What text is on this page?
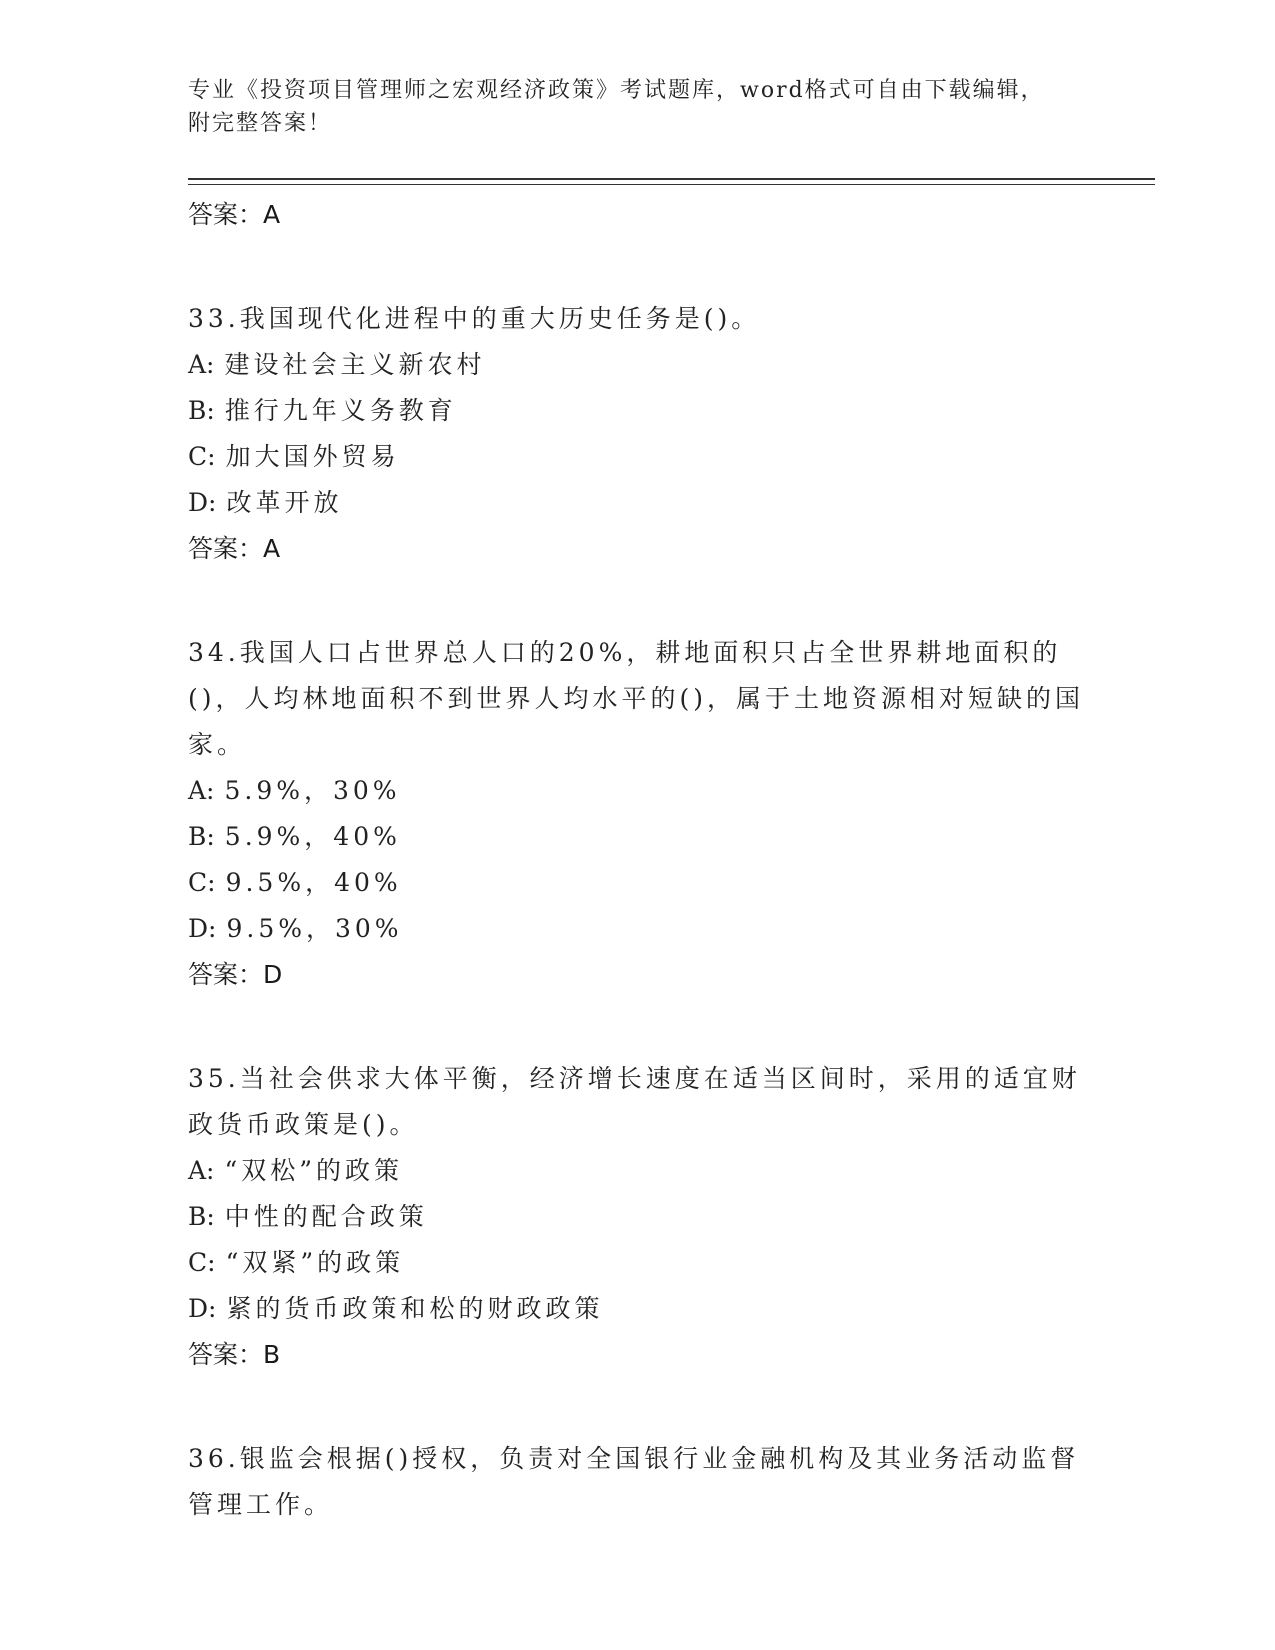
专业《投资项目管理师之宏观经济政策》考试题库，word格式可自由下载编辑，
附完整答案！
答案：A
33.我国现代化进程中的重大历史任务是()。
A: 建设社会主义新农村
B: 推行九年义务教育
C: 加大国外贸易
D: 改革开放
答案：A
34.我国人口占世界总人口的20%，耕地面积只占全世界耕地面积的()，人均林地面积不到世界人均水平的()，属于土地资源相对短缺的国家。
A: 5.9%，30%
B: 5.9%，40%
C: 9.5%，40%
D: 9.5%，30%
答案：D
35.当社会供求大体平衡，经济增长速度在适当区间时，采用的适宜财政货币政策是()。
A: “双松”的政策
B: 中性的配合政策
C: “双紧”的政策
D: 紧的货币政策和松的财政政策
答案：B
36.银监会根据()授权，负责对全国银行业金融机构及其业务活动监督管理工作。
